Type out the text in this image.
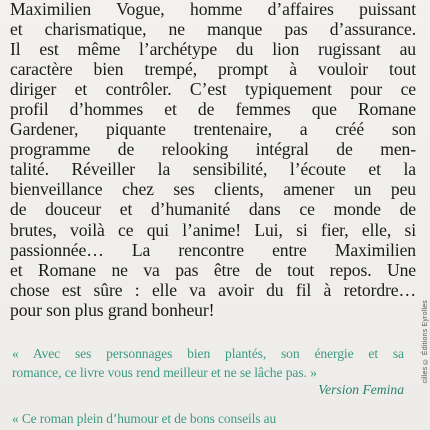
Maximilien Vogue, homme d’affaires puissant
et charismatique, ne manque pas d’assurance.
Il est même l’archétype du lion rugissant au
caractère bien trempé, prompt à vouloir tout
diriger et contrôler. C’est typiquement pour ce
profil d’hommes et de femmes que Romane
Gardener, piquante trentenaire, a créé son
programme de relooking intégral de men-
talité. Réveiller la sensibilité, l’écoute et la
bienveillance chez ses clients, amener un peu
de douceur et d’humanité dans ce monde de
brutes, voilà ce qui l’anime! Lui, si fier, elle, si
passionnée… La rencontre entre Maximilien
et Romane ne va pas être de tout repos. Une
chose est sûre : elle va avoir du fil à retordre…
pour son plus grand bonheur!
« Avec ses personnages bien plantés, son énergie et sa
romance, ce livre vous rend meilleur et ne se lâche pas. »
Version Femina
« Ce roman plein d’humour et de bons conseils au
cilles © Éditions Eyrolles
